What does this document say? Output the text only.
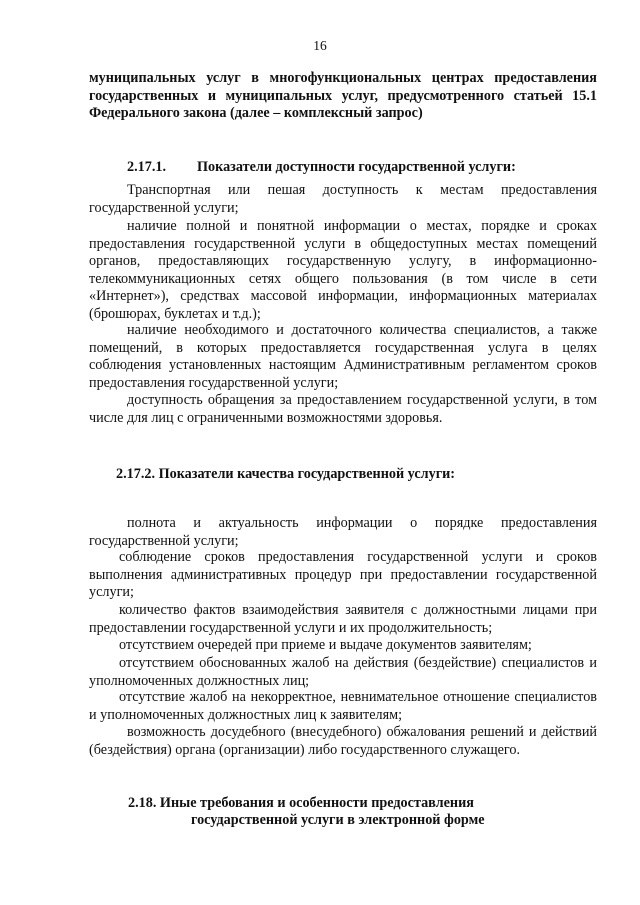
16
муниципальных услуг в многофункциональных центрах предоставления государственных и муниципальных услуг, предусмотренного статьей 15.1 Федерального закона (далее – комплексный запрос)
2.17.1. Показатели доступности государственной услуги:
Транспортная или пешая доступность к местам предоставления государственной услуги;
наличие полной и понятной информации о местах, порядке и сроках предоставления государственной услуги в общедоступных местах помещений органов, предоставляющих государственную услугу, в информационно-телекоммуникационных сетях общего пользования (в том числе в сети «Интернет»), средствах массовой информации, информационных материалах (брошюрах, буклетах и т.д.);
наличие необходимого и достаточного количества специалистов, а также помещений, в которых предоставляется государственная услуга в целях соблюдения установленных настоящим Административным регламентом сроков предоставления государственной услуги;
доступность обращения за предоставлением государственной услуги, в том числе для лиц с ограниченными возможностями здоровья.
2.17.2. Показатели качества государственной услуги:
полнота и актуальность информации о порядке предоставления государственной услуги;
соблюдение сроков предоставления государственной услуги и сроков выполнения административных процедур при предоставлении государственной услуги;
количество фактов взаимодействия заявителя с должностными лицами при предоставлении государственной услуги и их продолжительность;
отсутствием очередей при приеме и выдаче документов заявителям;
отсутствием обоснованных жалоб на действия (бездействие) специалистов и уполномоченных должностных лиц;
отсутствие жалоб на некорректное, невнимательное отношение специалистов и уполномоченных должностных лиц к заявителям;
возможность досудебного (внесудебного) обжалования решений и действий (бездействия) органа (организации) либо государственного служащего.
2.18. Иные требования и особенности предоставления
государственной услуги в электронной форме
